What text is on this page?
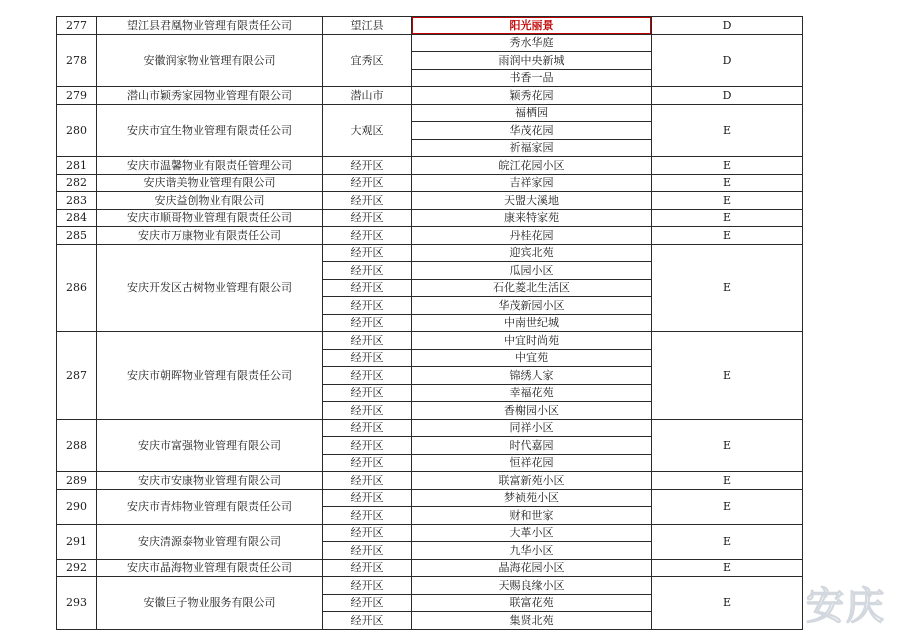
277	望江县君凰物业管理有限责任公司	望江县	阳光丽景	D
278	安徽润家物业管理有限公司	宜秀区	秀水华庭	D
			雨润中央新城	
			书香一品	
279	潜山市颖秀家园物业管理有限公司	潜山市	颖秀花园	D
280	安庆市宜生物业管理有限责任公司	大观区	福栖园	E
			华茂花园	
			祈福家园	
281	安庆市温馨物业有限责任管理公司	经开区	皖江花园小区	E
282	安庆谐美物业管理有限公司	经开区	吉祥家园	E
283	安庆益创物业有限公司	经开区	天盟大溪地	E
284	安庆市顺哥物业管理有限责任公司	经开区	康来特家苑	E
285	安庆市万康物业有限责任公司	经开区	丹桂花园	E
286	安庆开发区古树物业管理有限公司	经开区	迎宾北苑	E
		经开区	瓜园小区	
		经开区	石化菱北生活区	
		经开区	华茂新园小区	
		经开区	中南世纪城	
287	安庆市朝晖物业管理有限责任公司	经开区	中宜时尚苑	E
		经开区	中宜苑	
		经开区	锦绣人家	
		经开区	幸福花苑	
		经开区	香榭园小区	
288	安庆市富强物业管理有限公司	经开区	同祥小区	E
		经开区	时代嘉园	
		经开区	恒祥花园	
289	安庆市安康物业管理有限公司	经开区	联富新苑小区	E
290	安庆市青炜物业管理有限责任公司	经开区	梦祯苑小区	E
		经开区	财和世家	
291	安庆清源泰物业管理有限公司	经开区	大革小区	E
		经开区	九华小区	
292	安庆市晶海物业管理有限责任公司	经开区	晶海花园小区	E
293	安徽巨子物业服务有限公司	经开区	天赐良缘小区	E
		经开区	联富花苑	
		经开区	集贤北苑		安庆
